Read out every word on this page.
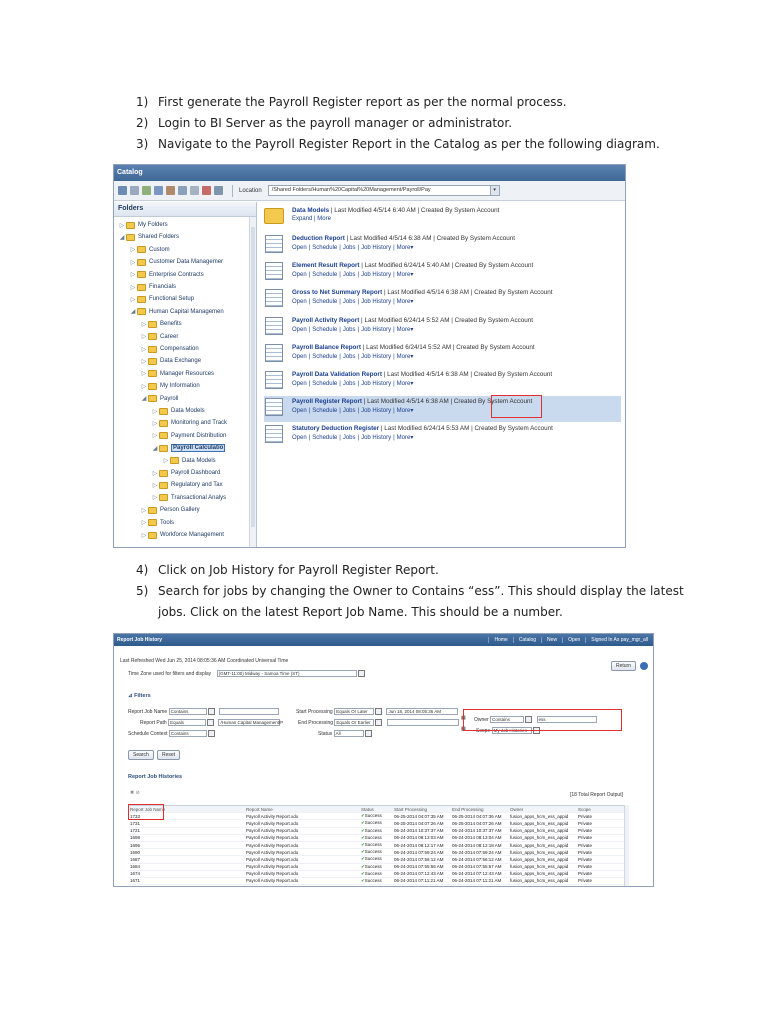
1) First generate the Payroll Register report as per the normal process.
2) Login to BI Server as the payroll manager or administrator.
3) Navigate to the Payroll Register Report in the Catalog as per the following diagram.
Catalog
Location	/Shared Folders/Human%20Capital%20Management/Payroll/Pay	▾
Folders
▷ My Folders
◢ Shared Folders
▷ Custom
▷ Customer Data Managemer
▷ Enterprise Contracts
▷ Financials
▷ Functional Setup
◢ Human Capital Managemen
▷ Benefits
▷ Career
▷ Compensation
▷ Data Exchange
▷ Manager Resources
▷ My Information
◢ Payroll
▷ Data Models
▷ Monitoring and Track
▷ Payment Distribution
◢	Payroll Calculatio
▷ Data Models
▷ Payroll Dashboard
▷ Regulatory and Tax
▷ Transactional Analys
▷ Person Gallery
▷ Tools
▷ Workforce Management
Data Models | Last Modified 4/5/14 6:40 AM | Created By System Account
Expand | More
Deduction Report | Last Modified 4/5/14 6:38 AM | Created By System Account
Open | Schedule | Jobs | Job History | More▾
Element Result Report | Last Modified 6/24/14 5:40 AM | Created By System Account
Open | Schedule | Jobs | Job History | More▾
Gross to Net Summary Report | Last Modified 4/5/14 6:38 AM | Created By System Account
Open | Schedule | Jobs | Job History | More▾
Payroll Activity Report | Last Modified 6/24/14 5:52 AM | Created By System Account
Open | Schedule | Jobs | Job History | More▾
Payroll Balance Report | Last Modified 6/24/14 5:52 AM | Created By System Account
Open | Schedule | Jobs | Job History | More▾
Payroll Data Validation Report | Last Modified 4/5/14 6:38 AM | Created By System Account
Open | Schedule | Jobs | Job History | More▾
Payroll Register Report | Last Modified 4/5/14 6:38 AM | Created By System Account
Open | Schedule | Jobs | Job History | More▾
Statutory Deduction Register | Last Modified 6/24/14 5:53 AM | Created By System Account
Open | Schedule | Jobs | Job History | More▾
4) Click on Job History for Payroll Register Report.
5) Search for jobs by changing the Owner to Contains “ess”. This should display the latest jobs. Click on the latest Report Job Name. This should be a number.
Report Job History	Home	Catalog	New	Open	Signed In As pay_mgr_all
Last Refreshed Wed Jun 25, 2014 08:05:36 AM Coordinated Universal Time
Time Zone used for filters and display (GMT-11:00) Midway - Samoa Time (ST)
Return
⊿ Filters
Report Job Name Contains
Report Path Equals	/Human Capital Management/P
Schedule Context Contains
Start Processing Equals Or Later	Jun 18, 2014 08:05:36 AM
End Processing Equals Or Earlier
Status All
▦
▦
Owner Contains	ess
Scope My Job Histories
Search	Reset
Report Job Histories
✖ ⊘	[18 Total Report Output]
Report Job Name	Report Name	Status	Start Processing	End Processing	Owner	Scope
1733	Payroll Activity Report.xdo	✔Success	06-25-2014 04:07:35 AM	06-25-2014 04:07:36 AM	fusion_apps_hcm_ess_appid	Private
1731	Payroll Activity Report.xdo	✔Success	06-25-2014 04:07:26 AM	06-25-2014 04:07:26 AM	fusion_apps_hcm_ess_appid	Private
1721	Payroll Activity Report.xdo	✔Success	06-24-2014 10:37:37 AM	06-24-2014 10:37:37 AM	fusion_apps_hcm_ess_appid	Private
1698	Payroll Activity Report.xdo	✔Success	06-24-2014 08:13:03 AM	06-24-2014 08:13:04 AM	fusion_apps_hcm_ess_appid	Private
1695	Payroll Activity Report.xdo	✔Success	06-24-2014 08:12:17 AM	06-24-2014 08:12:18 AM	fusion_apps_hcm_ess_appid	Private
1690	Payroll Activity Report.xdo	✔Success	06-24-2014 07:59:24 AM	06-24-2014 07:59:24 AM	fusion_apps_hcm_ess_appid	Private
1687	Payroll Activity Report.xdo	✔Success	06-24-2014 07:56:12 AM	06-24-2014 07:56:12 AM	fusion_apps_hcm_ess_appid	Private
1684	Payroll Activity Report.xdo	✔Success	06-24-2014 07:55:56 AM	06-24-2014 07:55:57 AM	fusion_apps_hcm_ess_appid	Private
1674	Payroll Activity Report.xdo	✔Success	06-24-2014 07:12:43 AM	06-24-2014 07:12:43 AM	fusion_apps_hcm_ess_appid	Private
1671	Payroll Activity Report.xdo	✔Success	06-24-2014 07:11:21 AM	06-24-2014 07:11:21 AM	fusion_apps_hcm_ess_appid	Private
